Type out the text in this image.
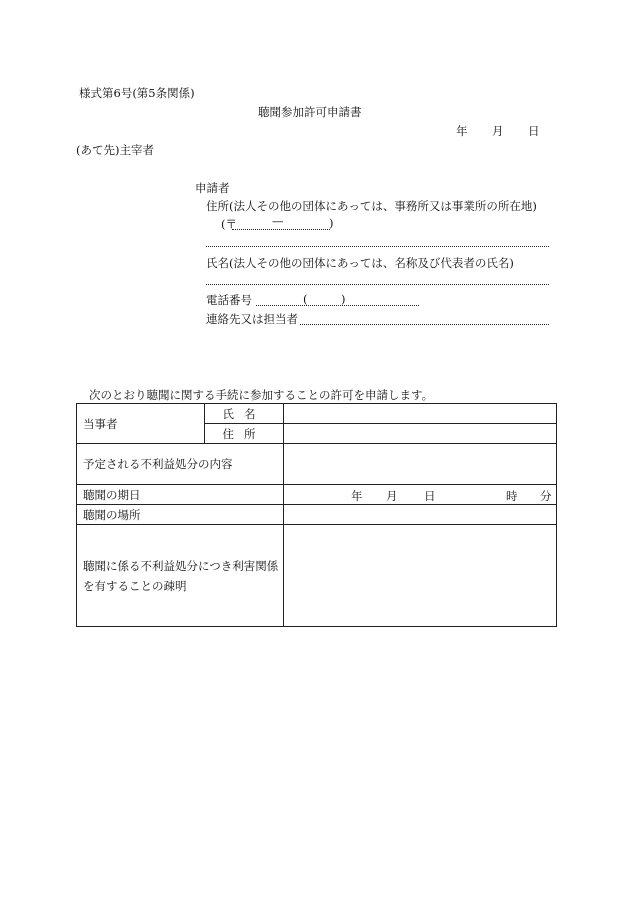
様式第6号(第5条関係)
聴聞参加許可申請書
年 月 日
(あて先)主宰者
申請者
住所(法人その他の団体にあっては、事務所又は事業所の所在地)
(〒	—	)
氏名(法人その他の団体にあっては、名称及び代表者の氏名)
電話番号	(	)
連絡先又は担当者
次のとおり聴聞に関する手続に参加することの許可を申請します。
当事者	氏名	
	住所	
予定される不利益処分の内容		
聴聞の期日		年 月 日 時 分

聴聞の場所		
聴聞に係る不利益処分につき利害関係を有することの疎明		
